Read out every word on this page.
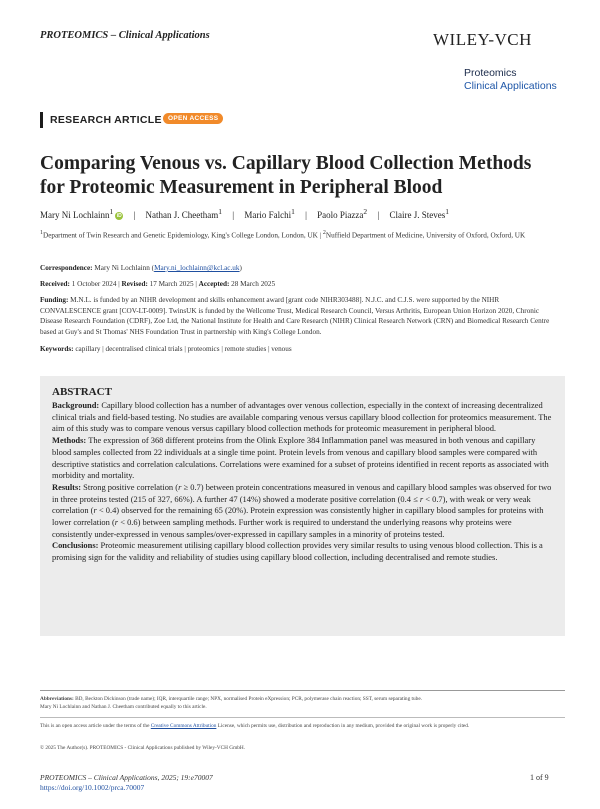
PROTEOMICS – Clinical Applications	WILEY-VCH
Proteomics
Clinical Applications
RESEARCH ARTICLE OPEN ACCESS
Comparing Venous vs. Capillary Blood Collection Methods for Proteomic Measurement in Peripheral Blood
Mary Ni Lochlainn$^1$ iD | Nathan J. Cheetham$^1$ | Mario Falchi$^1$ | Paolo Piazza$^2$ | Claire J. Steves$^1$
$^1$Department of Twin Research and Genetic Epidemiology, King's College London, London, UK | $^2$Nuffield Department of Medicine, University of Oxford, Oxford, UK
Correspondence: Mary Ni Lochlainn (Mary.ni_lochlainn@kcl.ac.uk)
Received: 1 October 2024 | Revised: 17 March 2025 | Accepted: 28 March 2025
Funding: M.N.L. is funded by an NIHR development and skills enhancement award [grant code NIHR303488]. N.J.C. and C.J.S. were supported by the NIHR CONVALESCENCE grant [COV-LT-0009]. TwinsUK is funded by the Wellcome Trust, Medical Research Council, Versus Arthritis, European Union Horizon 2020, Chronic Disease Research Foundation (CDRF), Zoe Ltd, the National Institute for Health and Care Research (NIHR) Clinical Research Network (CRN) and Biomedical Research Centre based at Guy's and St Thomas' NHS Foundation Trust in partnership with King's College London.
Keywords: capillary | decentralised clinical trials | proteomics | remote studies | venous
ABSTRACT

Background: Capillary blood collection has a number of advantages over venous collection, especially in the context of increasing decentralized clinical trials and field-based testing. No studies are available comparing venous versus capillary blood collection for proteomics measurement. The aim of this study was to compare venous versus capillary blood collection methods for proteomic measurement in peripheral blood.

Methods: The expression of 368 different proteins from the Olink Explore 384 Inflammation panel was measured in both venous and capillary blood samples collected from 22 individuals at a single time point. Protein levels from venous and capillary blood samples were compared with descriptive statistics and correlation calculations. Correlations were examined for a subset of proteins identified in recent reports as associated with morbidity and mortality.

Results: Strong positive correlation (r ≥ 0.7) between protein concentrations measured in venous and capillary blood samples was observed for two in three proteins tested (215 of 327, 66%). A further 47 (14%) showed a moderate positive correlation (0.4 ≤ r < 0.7), with weak or very weak correlation (r < 0.4) observed for the remaining 65 (20%). Protein expression was consistently higher in capillary blood samples for proteins with lower correlation (r < 0.6) between sampling methods. Further work is required to understand the underlying reasons why proteins were consistently under-expressed in venous samples/over-expressed in capillary samples in a minority of proteins tested.

Conclusions: Proteomic measurement utilising capillary blood collection provides very similar results to using venous blood collection. This is a promising sign for the validity and reliability of studies using capillary blood collection, including decentralised and remote studies.

Abbreviations: BD, Beckton Dickinson (trade name); IQR, interquartile range; NPX, normalised Protein eXpression; PCR, polymerase chain reaction; SST, serum separating tube.
Mary Ni Lochlainn and Nathan J. Cheetham contributed equally to this article.
This is an open access article under the terms of the Creative Commons Attribution License, which permits use, distribution and reproduction in any medium, provided the original work is properly cited.
© 2025 The Author(s). PROTEOMICS - Clinical Applications published by Wiley-VCH GmbH.
PROTEOMICS – Clinical Applications, 2025; 19:e70007
https://doi.org/10.1002/prca.70007
1 of 9
